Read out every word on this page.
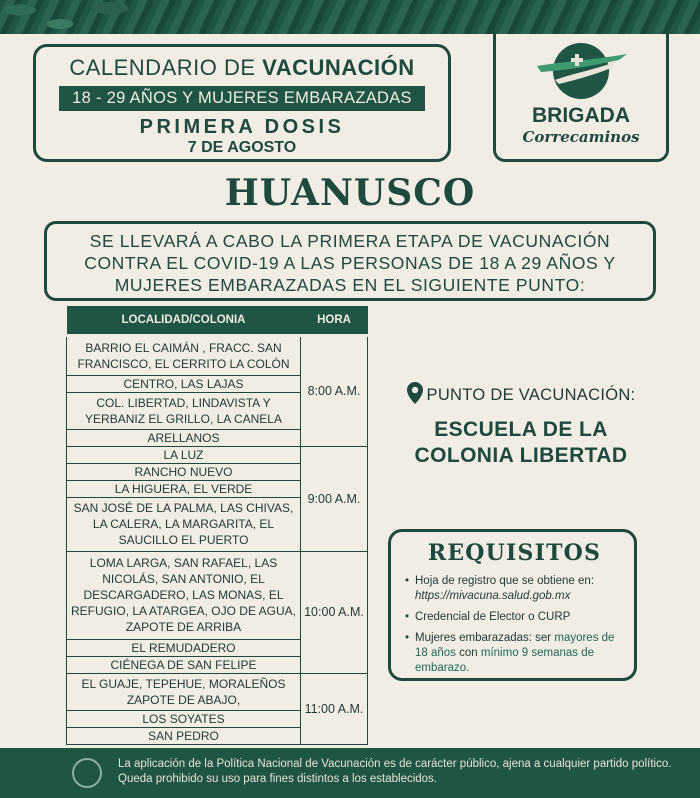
CALENDARIO DE VACUNACIÓN
18 - 29 AÑOS Y MUJERES EMBARAZADAS
PRIMERA DOSIS
7 DE AGOSTO
BRIGADA
Correcaminos
HUANUSCO
SE LLEVARÁ A CABO LA PRIMERA ETAPA DE VACUNACIÓN
CONTRA EL COVID-19 A LAS PERSONAS DE 18 A 29 AÑOS Y
MUJERES EMBARAZADAS EN EL SIGUIENTE PUNTO:
LOCALIDAD/COLONIA	HORA
BARRIO EL CAIMÁN , FRACC. SAN FRANCISCO, EL CERRITO LA COLÓN	8:00 A.M.
CENTRO, LAS LAJAS	
COL. LIBERTAD, LINDAVISTA Y YERBANIZ EL GRILLO, LA CANELA	
ARELLANOS	
LA LUZ	9:00 A.M.
RANCHO NUEVO	
LA HIGUERA, EL VERDE	
SAN JOSÉ DE LA PALMA, LAS CHIVAS, LA CALERA, LA MARGARITA, EL SAUCILLO EL PUERTO	
LOMA LARGA, SAN RAFAEL, LAS NICOLÁS, SAN ANTONIO, EL DESCARGADERO, LAS MONAS, EL REFUGIO, LA ATARGEA, OJO DE AGUA, ZAPOTE DE ARRIBA	10:00 A.M.
EL REMUDADERO	
CIÉNEGA DE SAN FELIPE	
EL GUAJE, TEPEHUE, MORALEÑOS ZAPOTE DE ABAJO,	11:00 A.M.
LOS SOYATES	
SAN PEDRO	
PUNTO DE VACUNACIÓN:
ESCUELA DE LA
COLONIA LIBERTAD
REQUISITOS
• Hoja de registro que se obtiene en: https://mivacuna.salud.gob.mx
• Credencial de Elector o CURP
• Mujeres embarazadas: ser mayores de 18 años con mínimo 9 semanas de embarazo.
La aplicación de la Política Nacional de Vacunación es de carácter público, ajena a cualquier partido político. Queda prohibido su uso para fines distintos a los establecidos.
